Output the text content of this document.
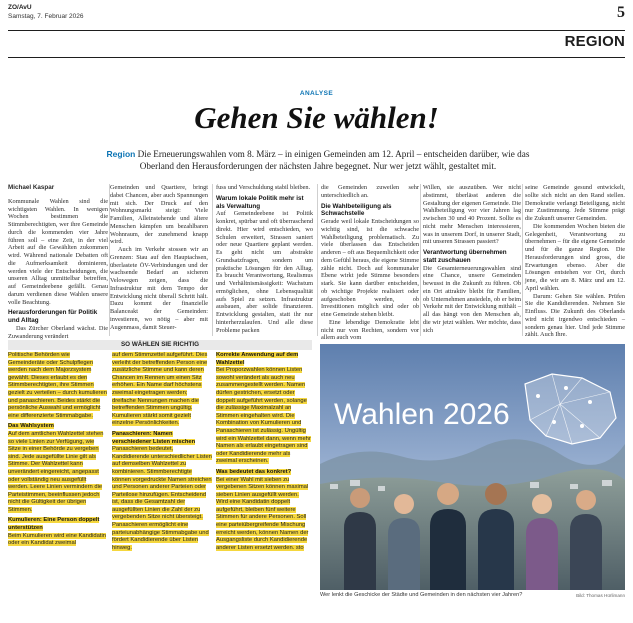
ZO/AvU
Samstag, 7. Februar 2026	5
REGION
ANALYSE
Gehen Sie wählen!
Region Die Erneuerungswahlen vom 8. März – in einigen Gemeinden am 12. April – entscheiden darüber, wie das Oberland den Herausforderungen der nächsten Jahre begegnet. Nur wer jetzt wählt, gestaltet mit.
Michael Kaspar

Kommunale Wahlen sind die wichtigsten Wahlen. In wenigen Wochen bestimmen die Stimmberechtigten, wer ihre Gemeinde durch die kommenden vier Jahre führen soll – eine Zeit, in der viel Arbeit auf die Gewählten zukommen wird. Während nationale Debatten oft die Aufmerksamkeit dominieren, werden viele der Entscheidungen, die unseren Alltag unmittelbar betreffen, auf Gemeindeebene gefällt. Genau darum verdienen diese Wahlen unsere volle Beachtung.

Herausforderungen für Politik und Alltag

Das Zürcher Oberland wächst. Die Zuwanderung verändert

Gemeinden und Quartiere, bringt dabei Chancen, aber auch Spannungen mit sich. Der Druck auf den Wohnungsmarkt steigt: Viele Familien, Alleinstehende und ältere Menschen kämpfen um bezahlbaren Wohnraum, der zunehmend knapp wird.

Auch im Verkehr stossen wir an Grenzen: Stau auf den Hauptachsen, überlastete ÖV-Verbindungen und der wachsende Bedarf an sicheren Velowegen zeigen, dass die Infrastruktur mit dem Tempo der Entwicklung nicht überall Schritt hält. Dazu kommt der finanzielle Balanceakt der Gemeinden: investieren, wo nötig – aber mit Augenmass, damit Steuer-

fuss und Verschuldung stabil bleiben.

Warum lokale Politik mehr ist als Verwaltung

Auf Gemeindeebene ist Politik konkret, spürbar und oft überraschend direkt. Hier wird entschieden, wo Schulen erweitert, Strassen saniert oder neue Quartiere geplant werden. Es geht nicht um abstrakte Grundsatzfragen, sondern um praktische Lösungen für den Alltag. Es braucht Verantwortung, Realismus und Verhältnismässigkeit: Wachstum ermöglichen, ohne Lebensqualität aufs Spiel zu setzen. Infrastruktur ausbauen, aber solide finanzieren. Entwicklung gestalten, statt ihr nur hinterherzulaufen. Und alle diese Probleme packen

die Gemeinden zuweilen sehr unterschiedlich an.

Die Wahlbeteiligung als Schwachstelle

Gerade weil lokale Entscheidungen so wichtig sind, ist die schwache Wahlbeteiligung problematisch. Zu viele überlassen das Entscheiden anderen – oft aus Bequemlichkeit oder dem Gefühl heraus, die eigene Stimme zähle nicht. Doch auf kommunaler Ebene wirkt jede Stimme besonders stark. Sie kann darüber entscheiden, ob wichtige Projekte realisiert oder aufgeschoben werden, ob Investitionen möglich sind oder ob eine Gemeinde stehen bleibt.

Eine lebendige Demokratie lebt nicht nur von Rechten, sondern vor allem auch vom

Willen, sie auszuüben. Wer nicht abstimmt, überlässt anderen die Gestaltung der eigenen Gemeinde. Die Wahlbeteiligung vor vier Jahren lag zwischen 30 und 40 Prozent. Sollte es nicht mehr Menschen interessieren, was in unserem Dorf, in unserer Stadt, mit unseren Strassen passiert?

Verantwortung übernehmen statt zuschauen

Die Gesamterneuerungswahlen sind eine Chance, unsere Gemeinden bewusst in die Zukunft zu führen. Ob ein Ort attraktiv bleibt für Familien, ob Unternehmen ansiedeln, ob er beim Verkehr mit der Entwicklung mithält – all das hängt von den Menschen ab, die wir jetzt wählen. Wer möchte, dass sich

seine Gemeinde gesund entwickelt, sollte sich nicht an den Rand stellen. Demokratie verlangt Beteiligung, nicht nur Zustimmung. Jede Stimme prägt die Zukunft unserer Gemeinden.

Die kommenden Wochen bieten die Gelegenheit, Verantwortung zu übernehmen – für die eigene Gemeinde und für die ganze Region. Die Herausforderungen sind gross, die Erwartungen ebenso. Aber die Lösungen entstehen vor Ort, durch jene, die wir am 8. März und am 12. April wählen.

Darum: Gehen Sie wählen. Prüfen Sie die Kandidierenden. Nehmen Sie Einfluss. Die Zukunft des Oberlands wird nicht irgendwo entschieden – sondern genau hier. Und jede Stimme zählt. Auch Ihre.

SO WÄHLEN SIE RICHTIG

Politische Behörden wie Gemeinderäte oder Schulpflegen werden nach dem Majorzsystem gewählt. Dieses erlaubt es den Stimmberechtigten, ihre Stimmen gezielt zu verteilen – durch kumulieren und panaschieren. Beides stärkt die persönliche Auswahl und ermöglicht eine differenzierte Stimmabgabe.

Das Wahlsystem

Auf dem amtlichen Wahlzettel stehen so viele Linien zur Verfügung, wie Sitze in einer Behörde zu vergeben sind. Jede ausgefüllte Linie gilt als Stimme. Der Wahlzettel kann unverändert eingereicht, angepasst oder vollständig neu ausgefüllt werden. Leere Linien vermindern die Parteistimmen, beeinflussen jedoch nicht die Gültigkeit der übrigen Stimmen.

Kumulieren: Eine Person doppelt unterstützen

Beim Kumulieren wird eine Kandidatin oder ein Kandidat zweimal

auf dem Stimmzettel aufgeführt. Dies verleiht der betreffenden Person eine zusätzliche Stimme und kann deren Chancen im Rennen um einen Sitz erhöhen. Ein Name darf höchstens zweimal eingetragen werden; dreifache Nennungen machen die betreffenden Stimmen ungültig. Kumulieren stärkt somit gezielt einzelne Persönlichkeiten.

Panaschieren: Namen verschiedener Listen mischen

Panaschieren bedeutet, Kandidierende unterschiedlicher Listen auf demselben Wahlzettel zu kombinieren. Stimmberechtigte können vorgedruckte Namen streichen und Personen anderer Parteien oder Parteilose hinzufügen. Entscheidend ist, dass die Gesamtzahl der ausgefüllten Linien die Zahl der zu vergebenden Sitze nicht übersteigt. Panaschieren ermöglicht eine parteiunabhängige Stimmabgabe und fördert Kandidierende über Listen hinweg.

Korrekte Anwendung auf dem Wahlzettel

Bei Proporzwahlen können Listen sowohl verändert als auch neu zusammengestellt werden. Namen dürfen gestrichen, ersetzt oder doppelt aufgeführt werden, solange die zulässige Maximalzahl an Stimmen eingehalten wird. Die Kombination von Kumulieren und Panaschieren ist zulässig. Ungültig wird ein Wahlzettel dann, wenn mehr Namen als erlaubt eingetragen sind oder Kandidierende mehr als zweimal erscheinen.

Was bedeutet das konkret?

Bei einer Wahl mit sieben zu vergebenen Sitzen können maximal sieben Linien ausgefüllt werden. Wird eine Kandidatin doppelt aufgeführt, bleiben fünf weitere Stimmen für andere Personen. Soll eine parteiübergreifende Mischung erreicht werden, können Namen der Ausgangsliste durch Kandidierende anderer Listen ersetzt werden. sto

Wahlen 2026
Wer lenkt die Geschicke der Städte und Gemeinden in den nächsten vier Jahren?	Bild: Thomas Hürlimann
